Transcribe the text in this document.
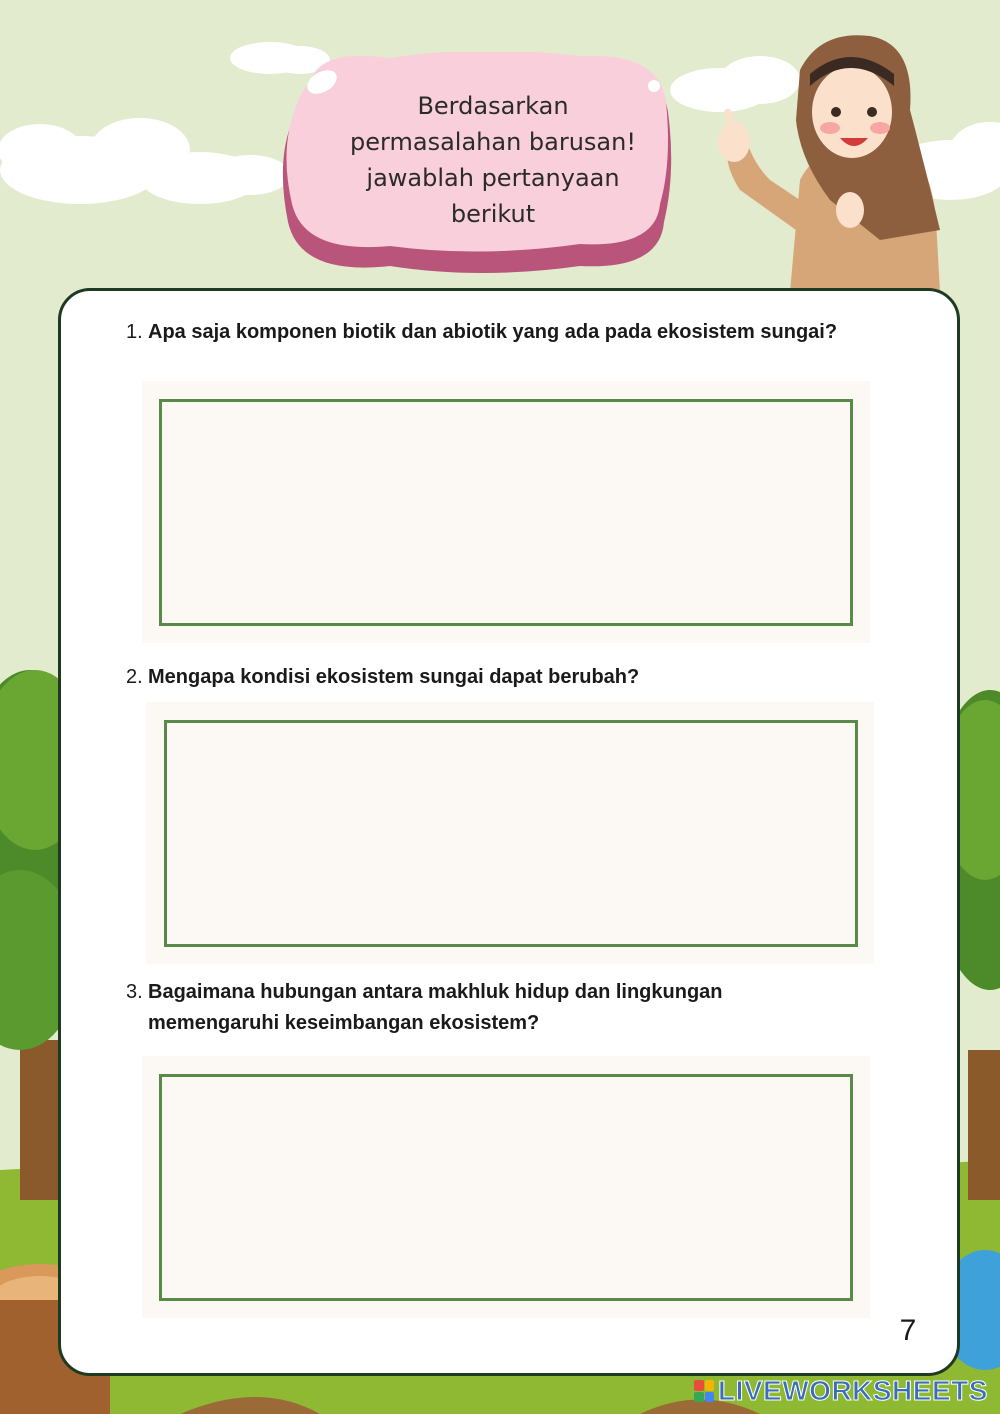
Berdasarkan
permasalahan barusan!
jawablah pertanyaan
berikut
1. Apa saja komponen biotik dan abiotik yang ada pada ekosistem sungai?
2. Mengapa kondisi ekosistem sungai dapat berubah?
3. Bagaimana hubungan antara makhluk hidup dan lingkungan memengaruhi keseimbangan ekosistem?
7
LIVEWORKSHEETS
